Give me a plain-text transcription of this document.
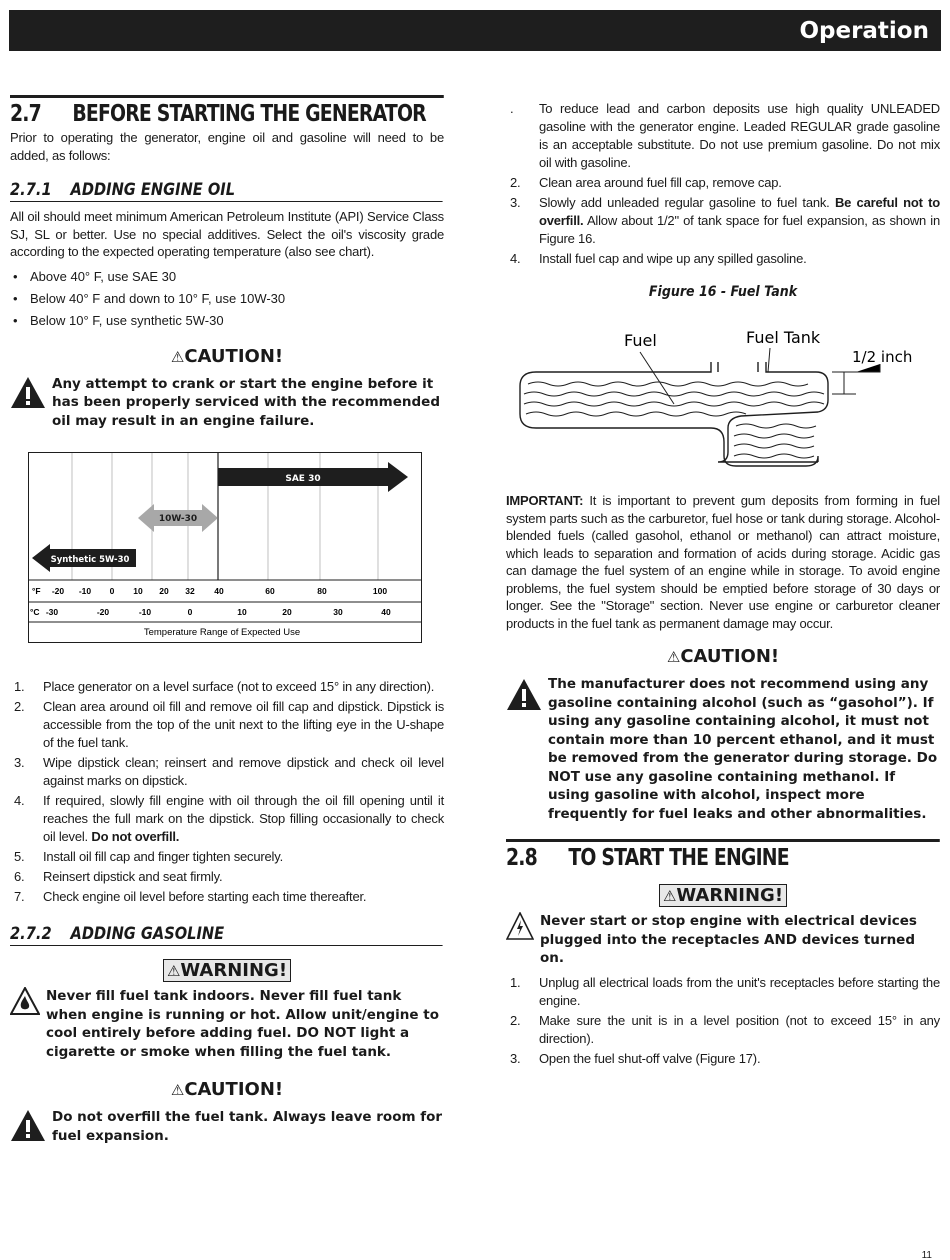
Operation
2.7	BEFORE STARTING THE GENERATOR

Prior to operating the generator, engine oil and gasoline will need to be added, as follows:

2.7.1 ADDING ENGINE OIL

All oil should meet minimum American Petroleum Institute (API) Service Class SJ, SL or better. Use no special additives. Select the oil's viscosity grade according to the expected operating temperature (also see chart).

• Above 40° F, use SAE 30
• Below 40° F and down to 10° F, use 10W-30
• Below 10° F, use synthetic 5W-30
⚠CAUTION!
Any attempt to crank or start the engine before it has been properly serviced with the recommended oil may result in an engine failure.
SAE 30
10W-30
Synthetic 5W-30
°F -20 -10 0 10 20 32 40	60	80	100
°C -30	-20	-10	0	10	20	30	40
Temperature Range of Expected Use
1.	Place generator on a level surface (not to exceed 15° in any direction).
2.	Clean area around oil fill and remove oil fill cap and dipstick. Dipstick is accessible from the top of the unit next to the lifting eye in the U-shape of the fuel tank.
3.	Wipe dipstick clean; reinsert and remove dipstick and check oil level against marks on dipstick.
4.	If required, slowly fill engine with oil through the oil fill opening until it reaches the full mark on the dipstick. Stop filling occasionally to check oil level. Do not overfill.
5.	Install oil fill cap and finger tighten securely.
6.	Reinsert dipstick and seat firmly.
7.	Check engine oil level before starting each time thereafter.
2.7.2 ADDING GASOLINE
⚠WARNING!
Never fill fuel tank indoors. Never fill fuel tank when engine is running or hot. Allow unit/engine to cool entirely before adding fuel. DO NOT light a cigarette or smoke when filling the fuel tank.
⚠CAUTION!
Do not overfill the fuel tank. Always leave room for fuel expansion.
.	To reduce lead and carbon deposits use high quality UNLEADED gasoline with the generator engine. Leaded REGULAR grade gasoline is an acceptable substitute. Do not use premium gasoline. Do not mix oil with gasoline.
2.	Clean area around fuel fill cap, remove cap.
3.	Slowly add unleaded regular gasoline to fuel tank. Be careful not to overfill. Allow about 1/2" of tank space for fuel expansion, as shown in Figure 16.
4.	Install fuel cap and wipe up any spilled gasoline.
Figure 16 - Fuel Tank
Fuel	Fuel Tank
1/2 inch

IMPORTANT: It is important to prevent gum deposits from forming in fuel system parts such as the carburetor, fuel hose or tank during storage. Alcohol-blended fuels (called gasohol, ethanol or methanol) can attract moisture, which leads to separation and formation of acids during storage. Acidic gas can damage the fuel system of an engine while in storage. To avoid engine problems, the fuel system should be emptied before storage of 30 days or longer. See the "Storage" section. Never use engine or carburetor cleaner products in the fuel tank as permanent damage may occur.

⚠CAUTION!
The manufacturer does not recommend using any gasoline containing alcohol (such as “gasohol”). If using any gasoline containing alcohol, it must not contain more than 10 percent ethanol, and it must be removed from the generator during storage. Do NOT use any gasoline containing methanol. If using gasoline with alcohol, inspect more frequently for fuel leaks and other abnormalities.
2.8	TO START THE ENGINE
⚠WARNING!
Never start or stop engine with electrical devices plugged into the receptacles AND devices turned on.
1.	Unplug all electrical loads from the unit's receptacles before starting the engine.
2.	Make sure the unit is in a level position (not to exceed 15° in any direction).
3.	Open the fuel shut-off valve (Figure 17).
11
